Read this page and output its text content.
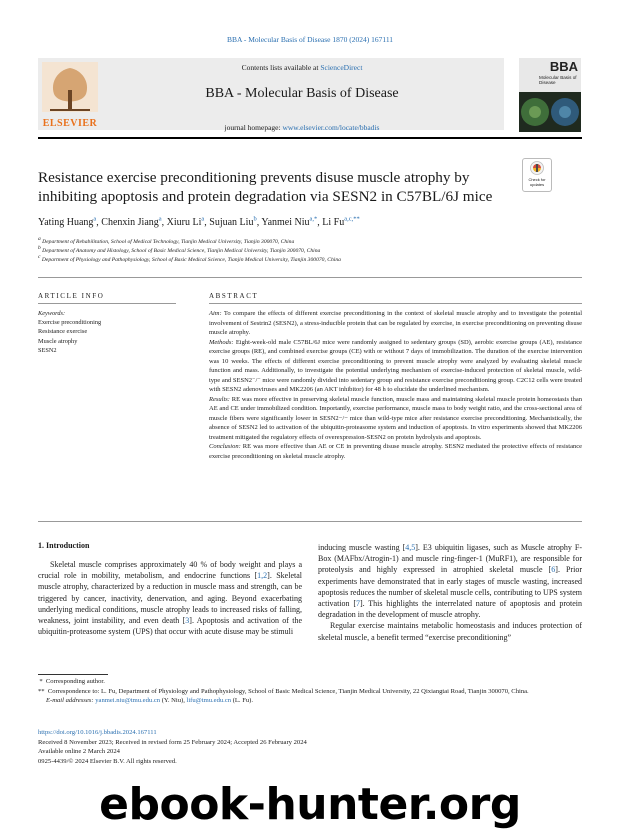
BBA - Molecular Basis of Disease 1870 (2024) 167111
ELSEVIER
Contents lists available at ScienceDirect
BBA - Molecular Basis of Disease
journal homepage: www.elsevier.com/locate/bbadis
BBA
Molecular Basis of Disease
Resistance exercise preconditioning prevents disuse muscle atrophy by inhibiting apoptosis and protein degradation via SESN2 in C57BL/6J mice
Check for
updates
Yating Huang$^a$, Chenxin Jiang$^a$, Xiuru Li$^a$, Sujuan Liu$^b$, Yanmei Niu$^{a,*}$, Li $Fu^{a,c,**}$
a Department of Rehabilitation, School of Medical Technology, Tianjin Medical University, Tianjin 300070, China
b Department of Anatomy and Histology, School of Basic Medical Science, Tianjin Medical University, Tianjin 300070, China
c Department of Physiology and Pathophysiology, School of Basic Medical Science, Tianjin Medical University, Tianjin 300070, China
ARTICLE INFO	ABSTRACT
Keywords:
Exercise preconditioning
Resistance exercise
Muscle atrophy
SESN2

Aim: To compare the effects of different exercise preconditioning in the context of skeletal muscle atrophy and to investigate the potential involvement of Sestrin2 (SESN2), a stress-inducible protein that can be regulated by exercise, in exercise preconditioning on preventing disuse muscle atrophy.

Methods: Eight-week-old male C57BL/6J mice were randomly assigned to sedentary groups (SD), aerobic exercise groups (AE), resistance exercise groups (RE), and combined exercise groups (CE) with or without 7 days of immobilization. The duration of the exercise intervention was 10 weeks. The effects of different exercise preconditioning to prevent muscle atrophy were analyzed by evaluating skeletal muscle function and mass. Additionally, to investigate the potential underlying mechanism of exercise-induced protection of skeletal muscle, wild-type and SESN2⁻/⁻ mice were randomly divided into sedentary group and resistance exercise preconditioning group. C2C12 cells were treated with SESN2 adenoviruses and MK2206 (an AKT inhibitor) for 48 h to elucidate the underlined mechanism.

Results: RE was more effective in preserving skeletal muscle function, muscle mass and maintaining skeletal muscle protein homeostasis than AE and CE under immobilized condition. Importantly, exercise performance, muscle mass to body weight ratio, and the cross-sectional area of muscle fibers were significantly lower in SESN2−/− mice than wild-type mice after resistance exercise preconditioning. Mechanistically, the absence of SESN2 led to activation of the ubiquitin-proteasome system and induction of apoptosis. In vitro experiments showed that MK2206 treatment mitigated the regulatory effects of overexpression-SESN2 on protein hydrolysis and apoptosis.

Conclusion: RE was more effective than AE or CE in preventing disuse muscle atrophy. SESN2 mediated the protective effects of resistance exercise preconditioning on skeletal muscle atrophy.

1. Introduction

Skeletal muscle comprises approximately 40 % of body weight and plays a crucial role in mobility, metabolism, and endocrine functions [1,2]. Skeletal muscle atrophy, characterized by a reduction in muscle mass and strength, can be triggered by cancer, inactivity, denervation, and aging. Beyond exacerbating underlying medical conditions, muscle atrophy leads to increased risks of falling, weakness, joint instability, and even death [3]. Apoptosis and activation of the ubiquitin-proteasome system (UPS) that occur with acute disuse may be stimuli

inducing muscle wasting [4,5]. E3 ubiquitin ligases, such as Muscle atrophy F-Box (MAFbx/Atrogin-1) and muscle ring-finger-1 (MuRF1), are responsible for proteolysis and highly expressed in atrophied skeletal muscle [6]. Prior experiments have demonstrated that in early stages of muscle wasting, increased apoptosis reduces the number of skeletal muscle cells, contributing to UPS system activation [7]. This highlights the interrelated nature of apoptosis and protein degradation in the development of muscle atrophy.

Regular exercise maintains metabolic homeostasis and induces protection of skeletal muscle, a benefit termed “exercise preconditioning”

 * Corresponding author.

** Correspondence to: L. Fu, Department of Physiology and Pathophysiology, School of Basic Medical Science, Tianjin Medical University, 22 Qixiangtai Road, Tianjin 300070, China.

E-mail addresses: yanmei.niu@tmu.edu.cn (Y. Niu), lifu@tmu.edu.cn (L. Fu).

https://doi.org/10.1016/j.bbadis.2024.167111

Received 8 November 2023; Received in revised form 25 February 2024; Accepted 26 February 2024

Available online 2 March 2024

0925-4439/© 2024 Elsevier B.V. All rights reserved.

ebook-hunter.org
